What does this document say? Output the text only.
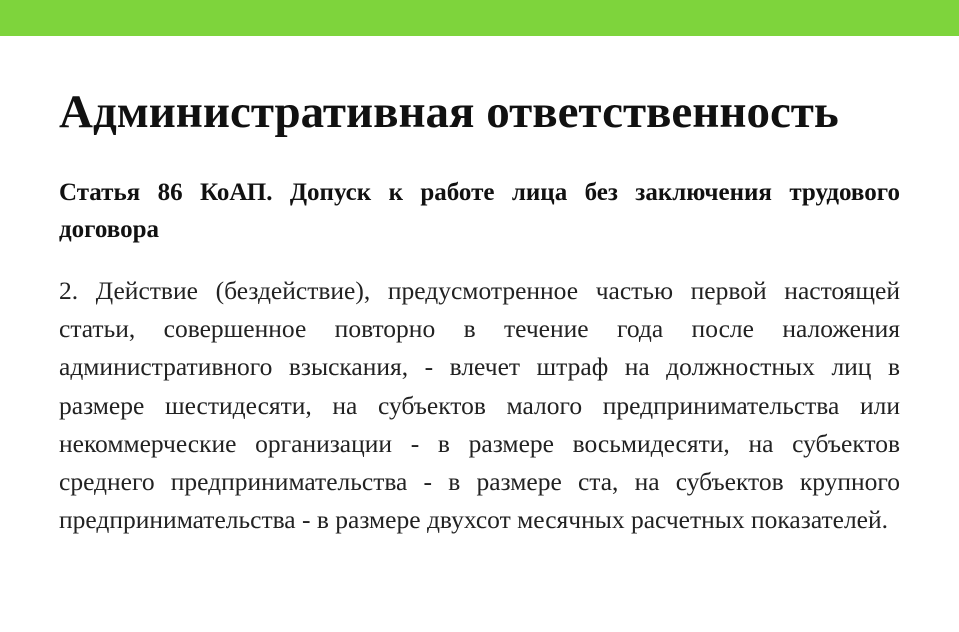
Административная ответственность

Статья 86 КоАП. Допуск к работе лица без заключения трудового договора

2. Действие (бездействие), предусмотренное частью первой настоящей статьи, совершенное повторно в течение года после наложения административного взыскания, - влечет штраф на должностных лиц в размере шестидесяти, на субъектов малого предпринимательства или некоммерческие организации - в размере восьмидесяти, на субъектов среднего предпринимательства - в размере ста, на субъектов крупного предпринимательства - в размере двухсот месячных расчетных показателей.
